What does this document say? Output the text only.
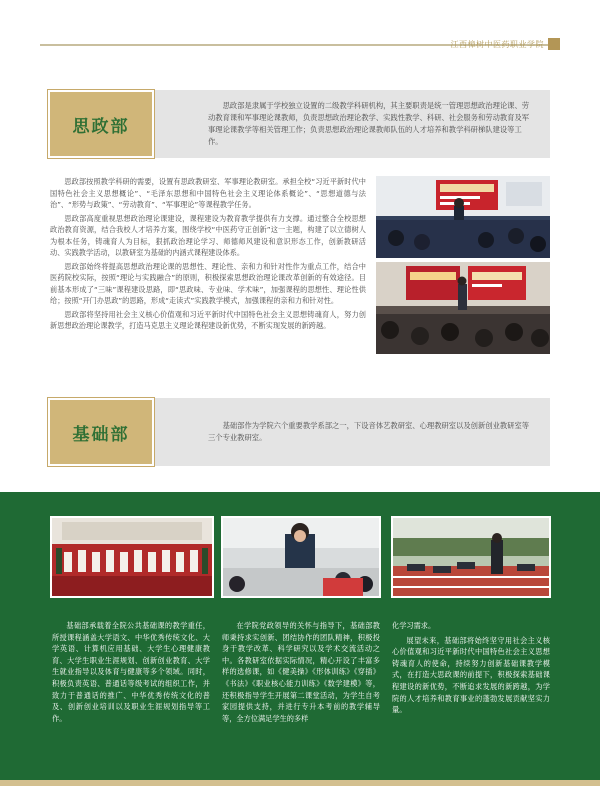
江西樟树中医药职业学院
思政部
思政部是隶属于学校独立设置的二级教学科研机构，其主要职责是统一管理思想政治理论课、劳动教育课和军事理论课教师，负责思想政治理论教学、实践性教学、科研、社会服务和劳动教育及军事理论课教学等相关管理工作；负责思想政治理论课教师队伍的人才培养和教学科研梯队建设等工作。

思政部按照教学科研的需要，设置有思政教研室、军事理论教研室。承担全校“习近平新时代中国特色社会主义思想概论”、“毛泽东思想和中国特色社会主义理论体系概论”、“思想道德与法治”、“形势与政策”、“劳动教育”、“军事理论”等课程教学任务。

思政部高度重视思想政治理论课建设，课程建设为教育教学提供有力支撑。通过整合全校思想政治教育资源，结合我校人才培养方案，围绕学校“中医药守正创新”这一主题，构建了以立德树人为根本任务，铸魂育人为目标，狠抓政治理论学习、师德师风建设和意识形态工作，创新教研活动、实践教学活动，以教研室为基础的内涵式课程建设体系。

思政部始终将提高思想政治理论课的思想性、理论性、亲和力和针对性作为重点工作，结合中医药院校实际，按照“理论与实践融合”的原则，积极探索思想政治理论课改革创新的有效途径。目前基本形成了“三味”课程建设思路，即“思政味、专业味、学术味”，加强课程的思想性、理论性供给；按照“开门办思政”的思路，形成“走读式”实践教学模式，加强课程的亲和力和针对性。

思政部将坚持用社会主义核心价值观和习近平新时代中国特色社会主义思想铸魂育人，努力创新思想政治理论课教学，打造马克思主义理论课程建设新优势，不断实现发展的新跨越。

基础部	基础部作为学院六个重要教学系部之一，下设音体艺教研室、心理教研室以及创新创业教研室等三个专业教研室。

基础部承载着全院公共基础课的教学重任，所授课程涵盖大学语文、中华优秀传统文化、大学英语、计算机应用基础、大学生心理健康教育、大学生职业生涯规划、创新创业教育、大学生就业指导以及体育与健康等多个领域。同时，积极负责英语、普通话等级考试的组织工作，并致力于普通话的推广、中华优秀传统文化的普及、创新创业培训以及职业生涯规划指导等工作。

在学院党政领导的关怀与指导下，基础部教师秉持求实创新、团结协作的团队精神，积极投身于教学改革、科学研究以及学术交流活动之中。各教研室依据实际情况，精心开设了丰富多样的选修课，如《健美操》《形体训练》《穿插》《书法》《职业核心能力训练》《数学建模》等，还积极指导学生开展第二课堂活动，为学生自考家园提供支持，并进行专升本考前的教学辅导等，全方位满足学生的多样

化学习需求。

展望未来，基础部将始终坚守用社会主义核心价值观和习近平新时代中国特色社会主义思想铸魂育人的使命，持续努力创新基础课教学模式，在打造大思政课的前提下，积极探索基础课程建设的新优势，不断追求发展的新跨越，为学院的人才培养和教育事业的蓬勃发展贡献坚实力量。
